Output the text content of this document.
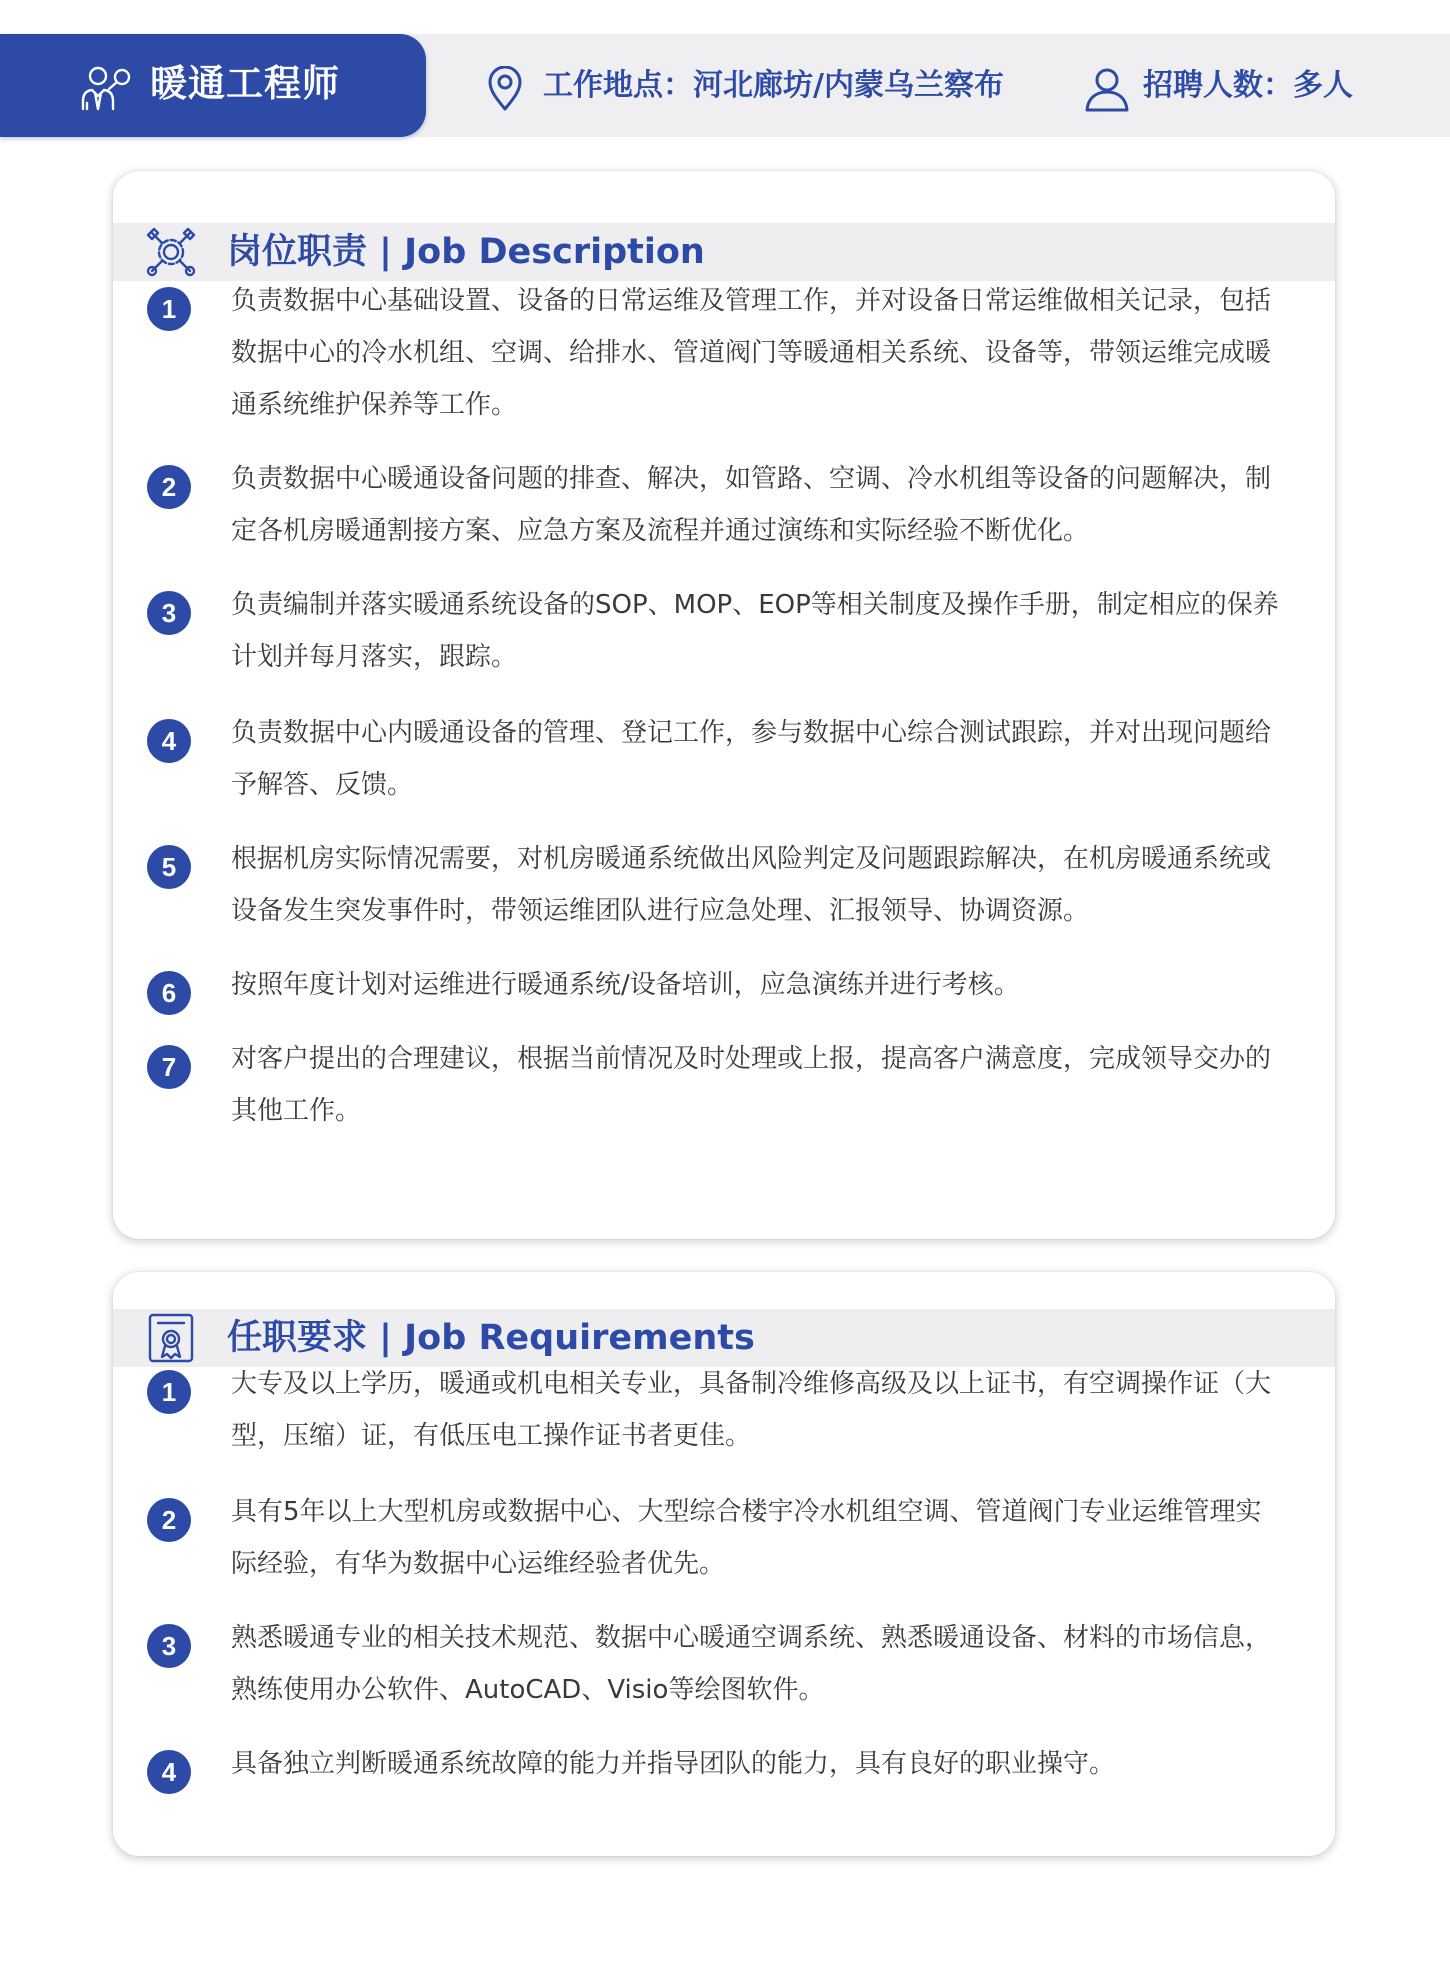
暖通工程师	工作地点：河北廊坊/内蒙乌兰察布	招聘人数：多人
岗位职责 | Job Description
1	负责数据中心基础设置、设备的日常运维及管理工作，并对设备日常运维做相关记录，包括数据中心的冷水机组、空调、给排水、管道阀门等暖通相关系统、设备等，带领运维完成暖通系统维护保养等工作。

2	负责数据中心暖通设备问题的排查、解决，如管路、空调、冷水机组等设备的问题解决，制定各机房暖通割接方案、应急方案及流程并通过演练和实际经验不断优化。

3	负责编制并落实暖通系统设备的SOP、MOP、EOP等相关制度及操作手册，制定相应的保养计划并每月落实，跟踪。

4	负责数据中心内暖通设备的管理、登记工作，参与数据中心综合测试跟踪，并对出现问题给予解答、反馈。

5	根据机房实际情况需要，对机房暖通系统做出风险判定及问题跟踪解决，在机房暖通系统或设备发生突发事件时，带领运维团队进行应急处理、汇报领导、协调资源。

6	按照年度计划对运维进行暖通系统/设备培训，应急演练并进行考核。

7	对客户提出的合理建议，根据当前情况及时处理或上报，提高客户满意度，完成领导交办的其他工作。

任职要求 | Job Requirements
1	大专及以上学历，暖通或机电相关专业，具备制冷维修高级及以上证书，有空调操作证（大型，压缩）证，有低压电工操作证书者更佳。

2	具有5年以上大型机房或数据中心、大型综合楼宇冷水机组空调、管道阀门专业运维管理实际经验，有华为数据中心运维经验者优先。

3	熟悉暖通专业的相关技术规范、数据中心暖通空调系统、熟悉暖通设备、材料的市场信息，熟练使用办公软件、AutoCAD、Visio等绘图软件。

4	具备独立判断暖通系统故障的能力并指导团队的能力，具有良好的职业操守。
